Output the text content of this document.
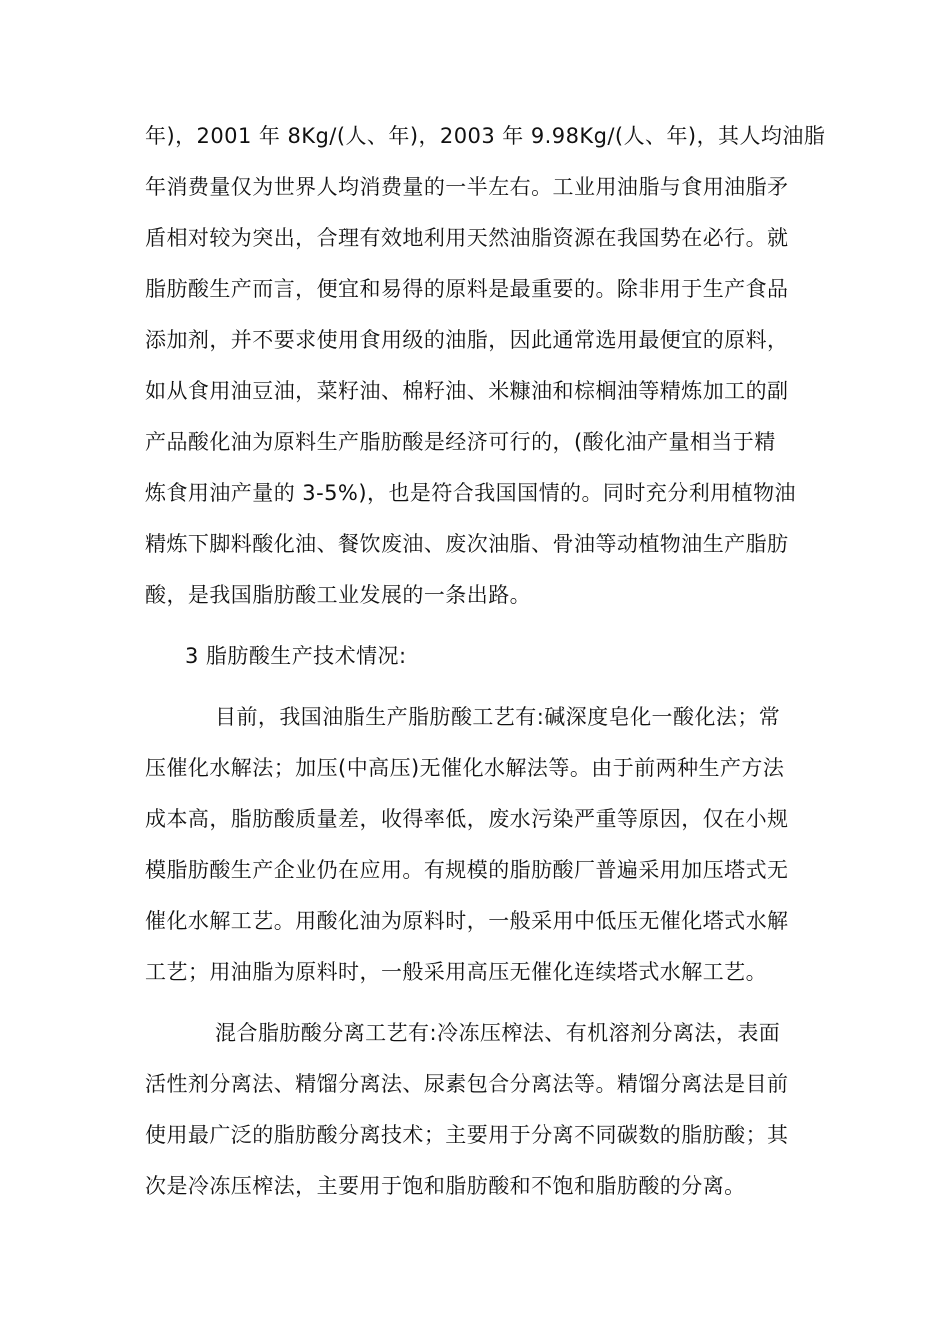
年)，2001 年 8Kg/(人、年)，2003 年 9.98Kg/(人、年)，其人均油脂
年消费量仅为世界人均消费量的一半左右。工业用油脂与食用油脂矛
盾相对较为突出，合理有效地利用天然油脂资源在我国势在必行。就
脂肪酸生产而言，便宜和易得的原料是最重要的。除非用于生产食品
添加剂，并不要求使用食用级的油脂，因此通常选用最便宜的原料，
如从食用油豆油，菜籽油、棉籽油、米糠油和棕榈油等精炼加工的副
产品酸化油为原料生产脂肪酸是经济可行的，(酸化油产量相当于精
炼食用油产量的 3-5%)，也是符合我国国情的。同时充分利用植物油
精炼下脚料酸化油、餐饮废油、废次油脂、骨油等动植物油生产脂肪
酸，是我国脂肪酸工业发展的一条出路。
3 脂肪酸生产技术情况:
目前，我国油脂生产脂肪酸工艺有:碱深度皂化一酸化法；常
压催化水解法；加压(中高压)无催化水解法等。由于前两种生产方法
成本高，脂肪酸质量差，收得率低，废水污染严重等原因，仅在小规
模脂肪酸生产企业仍在应用。有规模的脂肪酸厂普遍采用加压塔式无
催化水解工艺。用酸化油为原料时，一般采用中低压无催化塔式水解
工艺；用油脂为原料时，一般采用高压无催化连续塔式水解工艺。
混合脂肪酸分离工艺有:冷冻压榨法、有机溶剂分离法，表面
活性剂分离法、精馏分离法、尿素包合分离法等。精馏分离法是目前
使用最广泛的脂肪酸分离技术；主要用于分离不同碳数的脂肪酸；其
次是冷冻压榨法，主要用于饱和脂肪酸和不饱和脂肪酸的分离。
